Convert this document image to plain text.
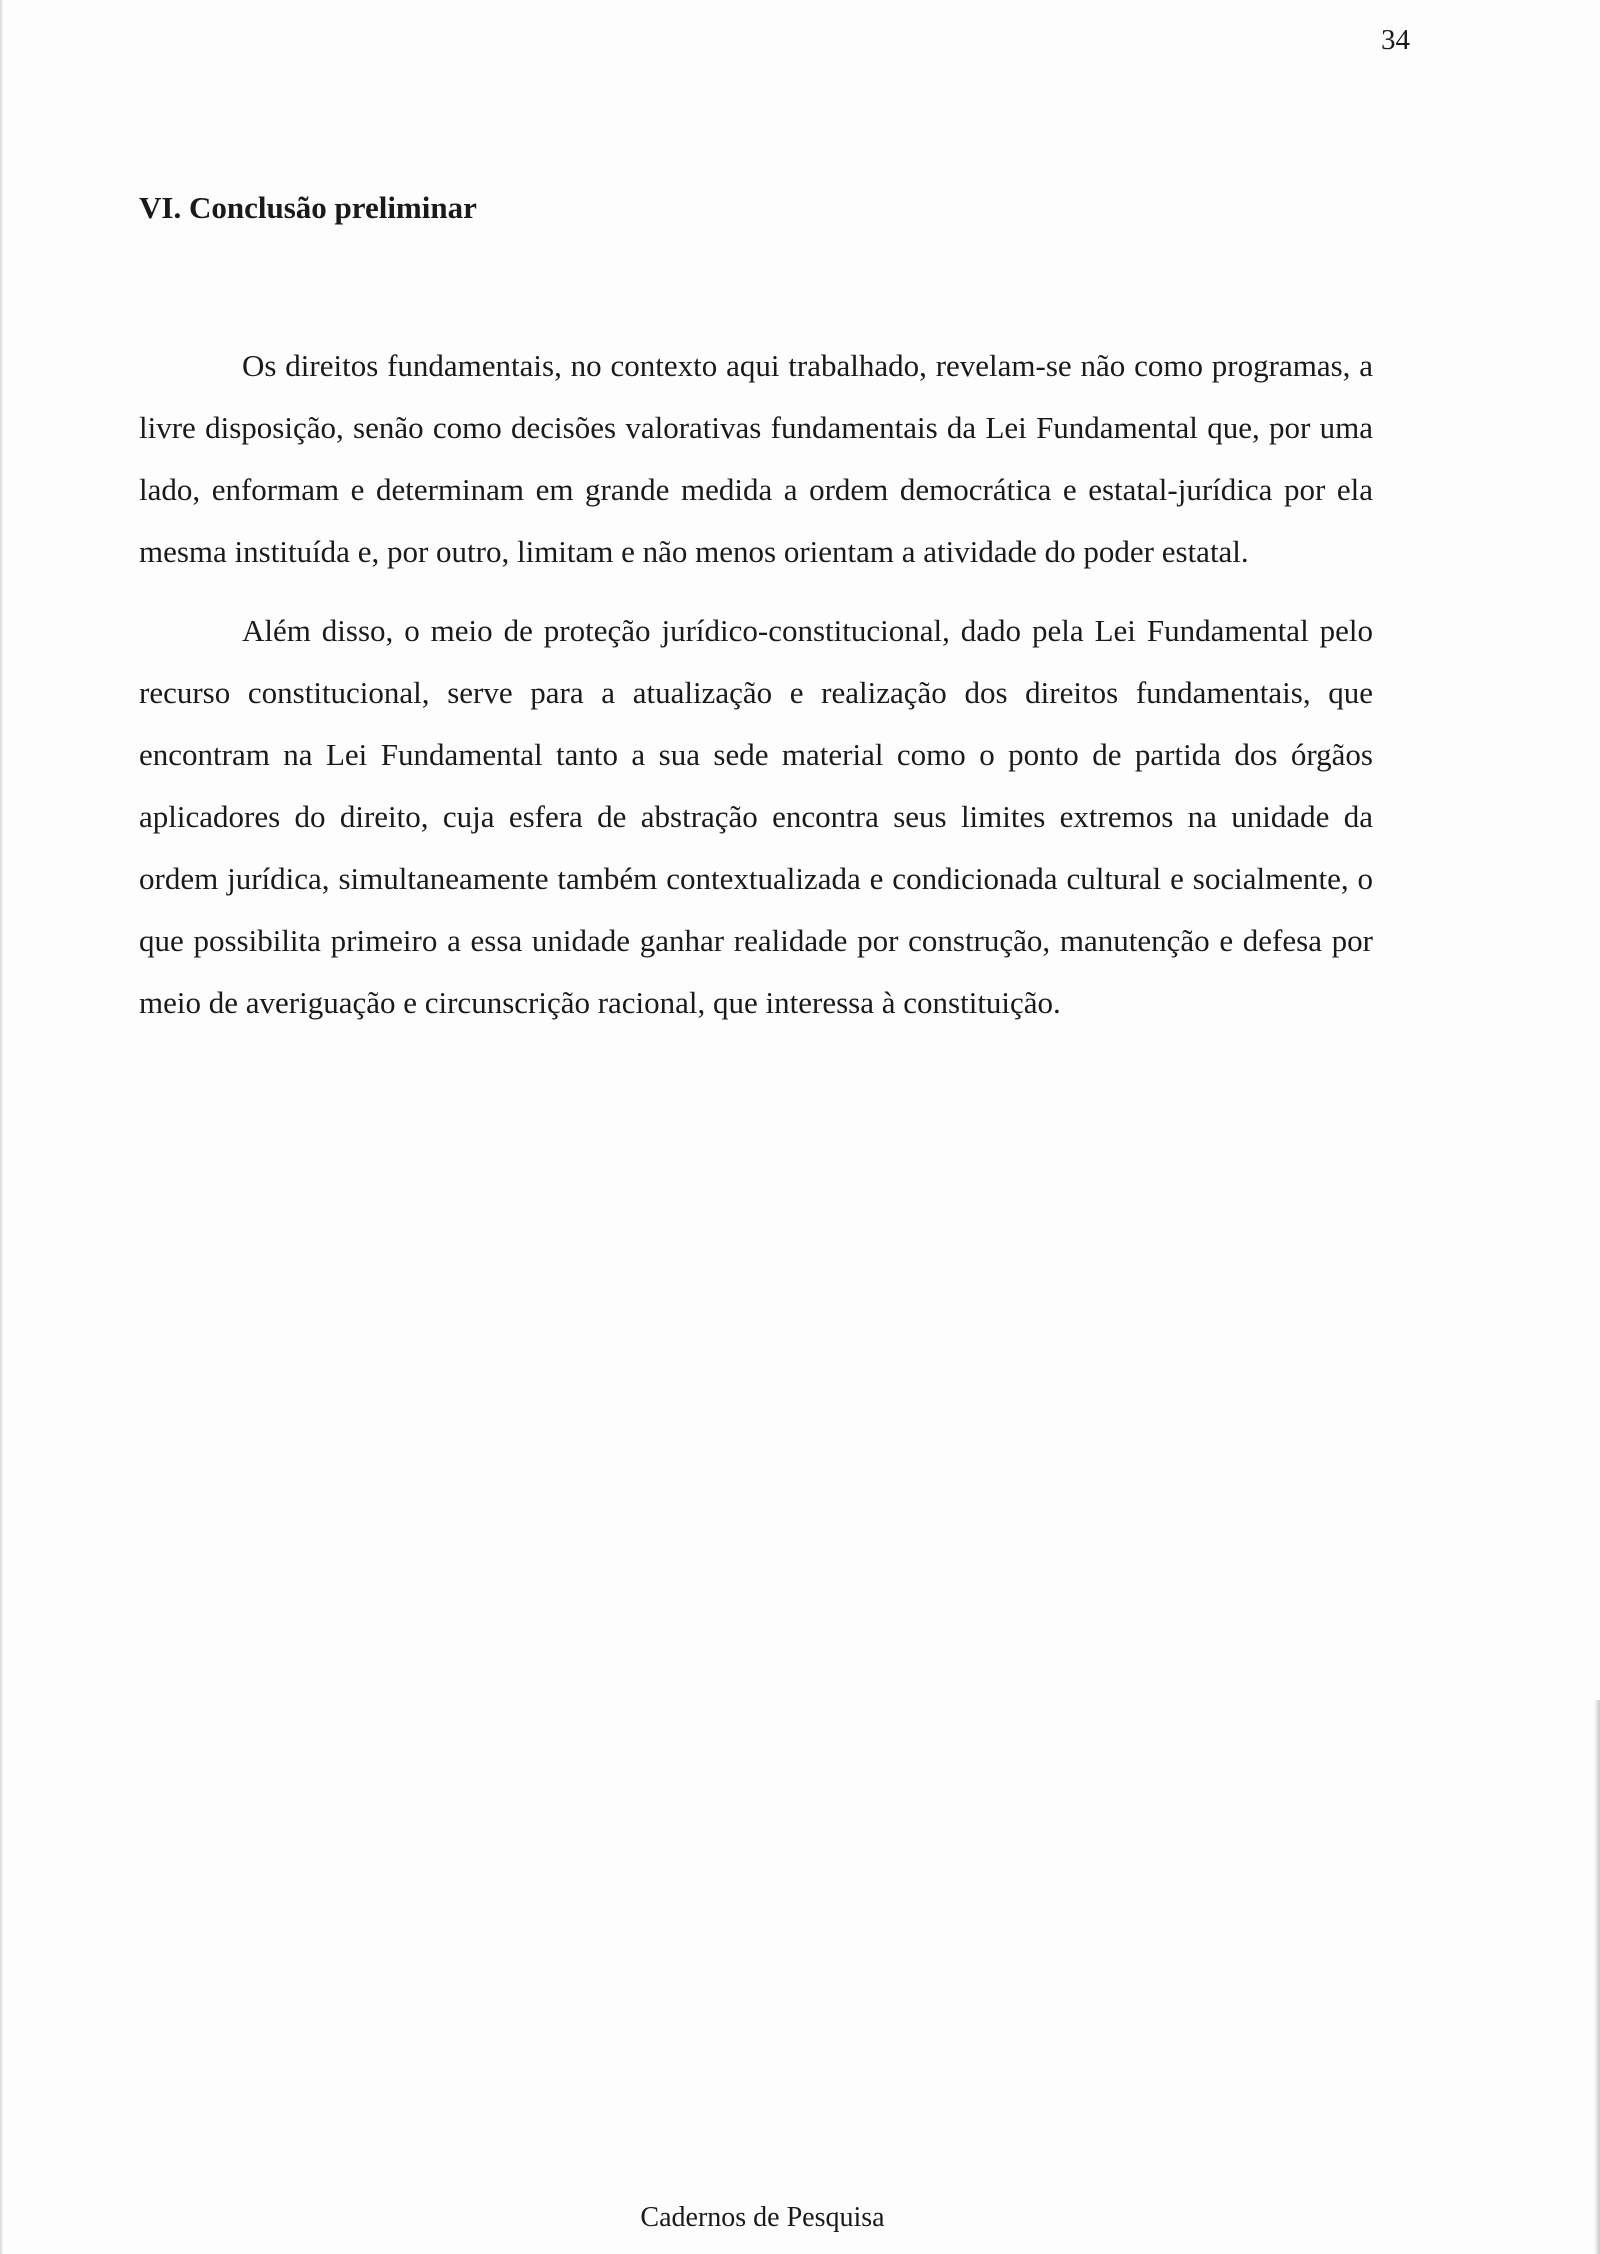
34
VI. Conclusão preliminar

Os direitos fundamentais, no contexto aqui trabalhado, revelam-se não como programas, a livre disposição, senão como decisões valorativas fundamentais da Lei Fundamental que, por uma lado, enformam e determinam em grande medida a ordem democrática e estatal-jurídica por ela mesma instituída e, por outro, limitam e não menos orientam a atividade do poder estatal.

Além disso, o meio de proteção jurídico-constitucional, dado pela Lei Fundamental pelo recurso constitucional, serve para a atualização e realização dos direitos fundamentais, que encontram na Lei Fundamental tanto a sua sede material como o ponto de partida dos órgãos aplicadores do direito, cuja esfera de abstração encontra seus limites extremos na unidade da ordem jurídica, simultaneamente também contextualizada e condicionada cultural e socialmente, o que possibilita primeiro a essa unidade ganhar realidade por construção, manutenção e defesa por meio de averiguação e circunscrição racional, que interessa à constituição.

Cadernos de Pesquisa
